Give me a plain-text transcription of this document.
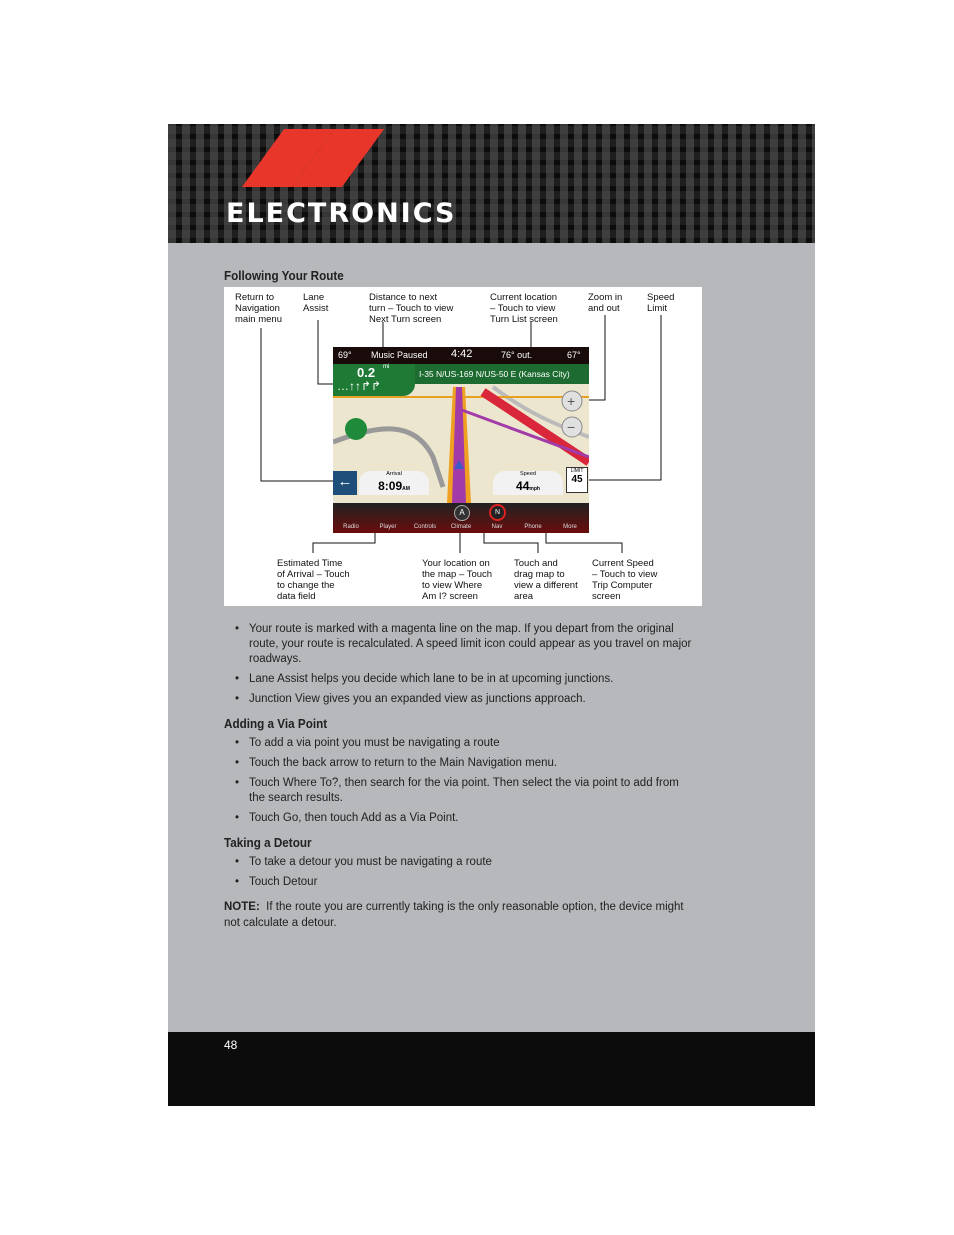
ELECTRONICS
Following Your Route
Return to
Navigation
main menu
Lane
Assist
Distance to next
turn – Touch to view
Next Turn screen
Current location
– Touch to view
Turn List screen
Zoom in
and out
Speed
Limit
Estimated Time
of Arrival – Touch
to change the
data field
Your location on
the map – Touch
to view Where
Am I? screen
Touch and
drag map to
view a different
area
Current Speed
– Touch to view
Trip Computer
screen
+
−
69° Music Paused 4:42	76° out.	67°
I-35 N/US-169 N/US-50 E (Kansas City)
0.2 mi
…↑↑↱↱
←	Arrival
8:09AM
Speed
44mph
LIMIT
45
N
A
Radio	Player	Controls	Climate	Nav	Phone	More
• Your route is marked with a magenta line on the map. If you depart from the original route, your route is recalculated. A speed limit icon could appear as you travel on major roadways.
• Lane Assist helps you decide which lane to be in at upcoming junctions.
• Junction View gives you an expanded view as junctions approach.
Adding a Via Point
• To add a via point you must be navigating a route
• Touch the back arrow to return to the Main Navigation menu.
• Touch Where To?, then search for the via point. Then select the via point to add from the search results.
• Touch Go, then touch Add as a Via Point.
Taking a Detour
• To take a detour you must be navigating a route
• Touch Detour
NOTE: If the route you are currently taking is the only reasonable option, the device might not calculate a detour.
48
